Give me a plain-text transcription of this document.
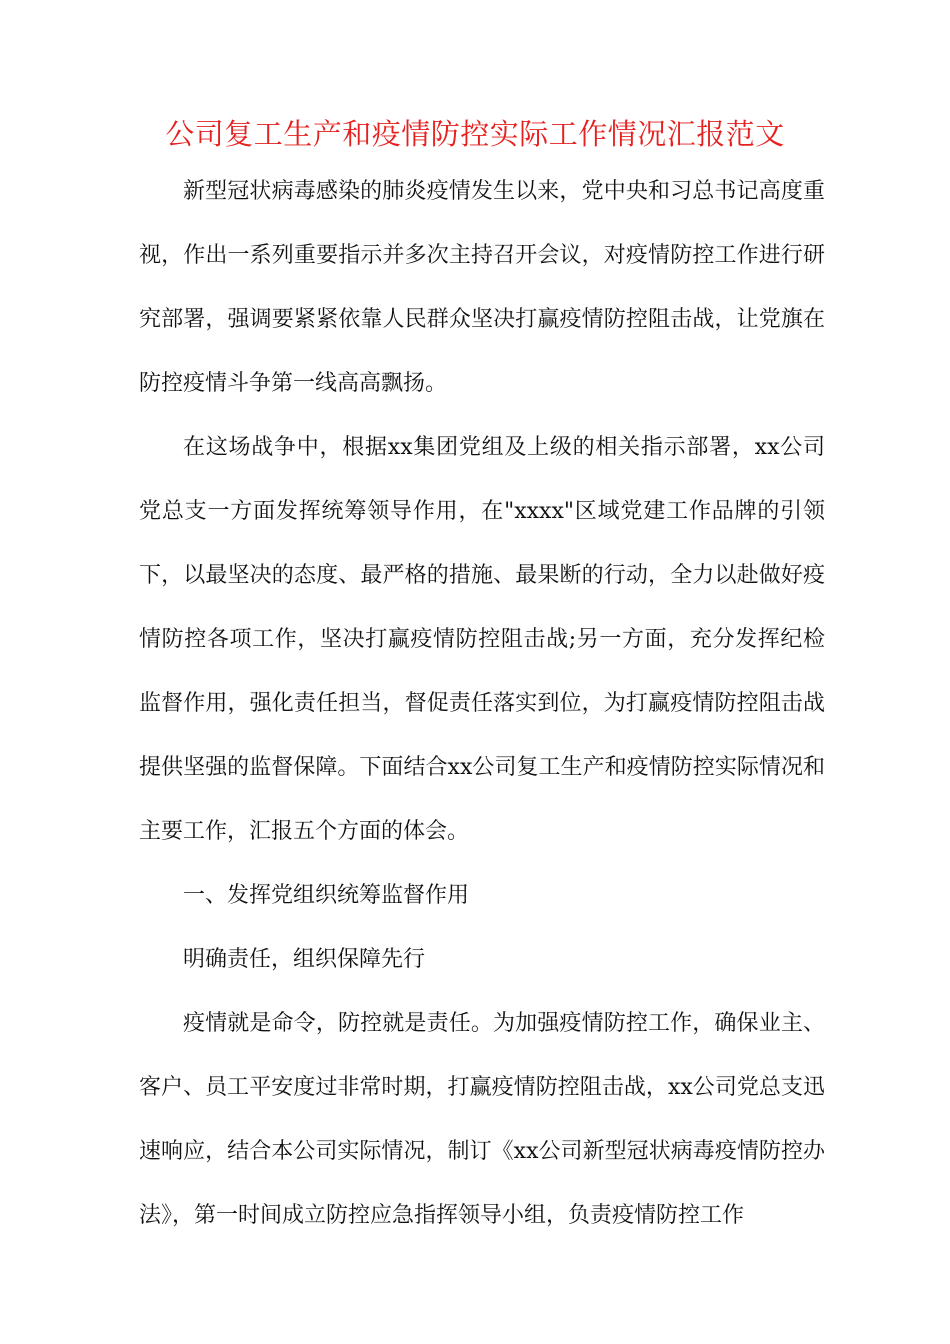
公司复工生产和疫情防控实际工作情况汇报范文

新型冠状病毒感染的肺炎疫情发生以来，党中央和习总书记高度重视，作出一系列重要指示并多次主持召开会议，对疫情防控工作进行研究部署，强调要紧紧依靠人民群众坚决打赢疫情防控阻击战，让党旗在防控疫情斗争第一线高高飘扬。

在这场战争中，根据xx集团党组及上级的相关指示部署，xx公司党总支一方面发挥统筹领导作用，在"xxxx"区域党建工作品牌的引领下，以最坚决的态度、最严格的措施、最果断的行动，全力以赴做好疫情防控各项工作，坚决打赢疫情防控阻击战;另一方面，充分发挥纪检监督作用，强化责任担当，督促责任落实到位，为打赢疫情防控阻击战提供坚强的监督保障。下面结合xx公司复工生产和疫情防控实际情况和主要工作，汇报五个方面的体会。

一、发挥党组织统筹监督作用

明确责任，组织保障先行

疫情就是命令，防控就是责任。为加强疫情防控工作，确保业主、客户、员工平安度过非常时期，打赢疫情防控阻击战，xx公司党总支迅速响应，结合本公司实际情况，制订《xx公司新型冠状病毒疫情防控办法》，第一时间成立防控应急指挥领导小组，负责疫情防控工作
